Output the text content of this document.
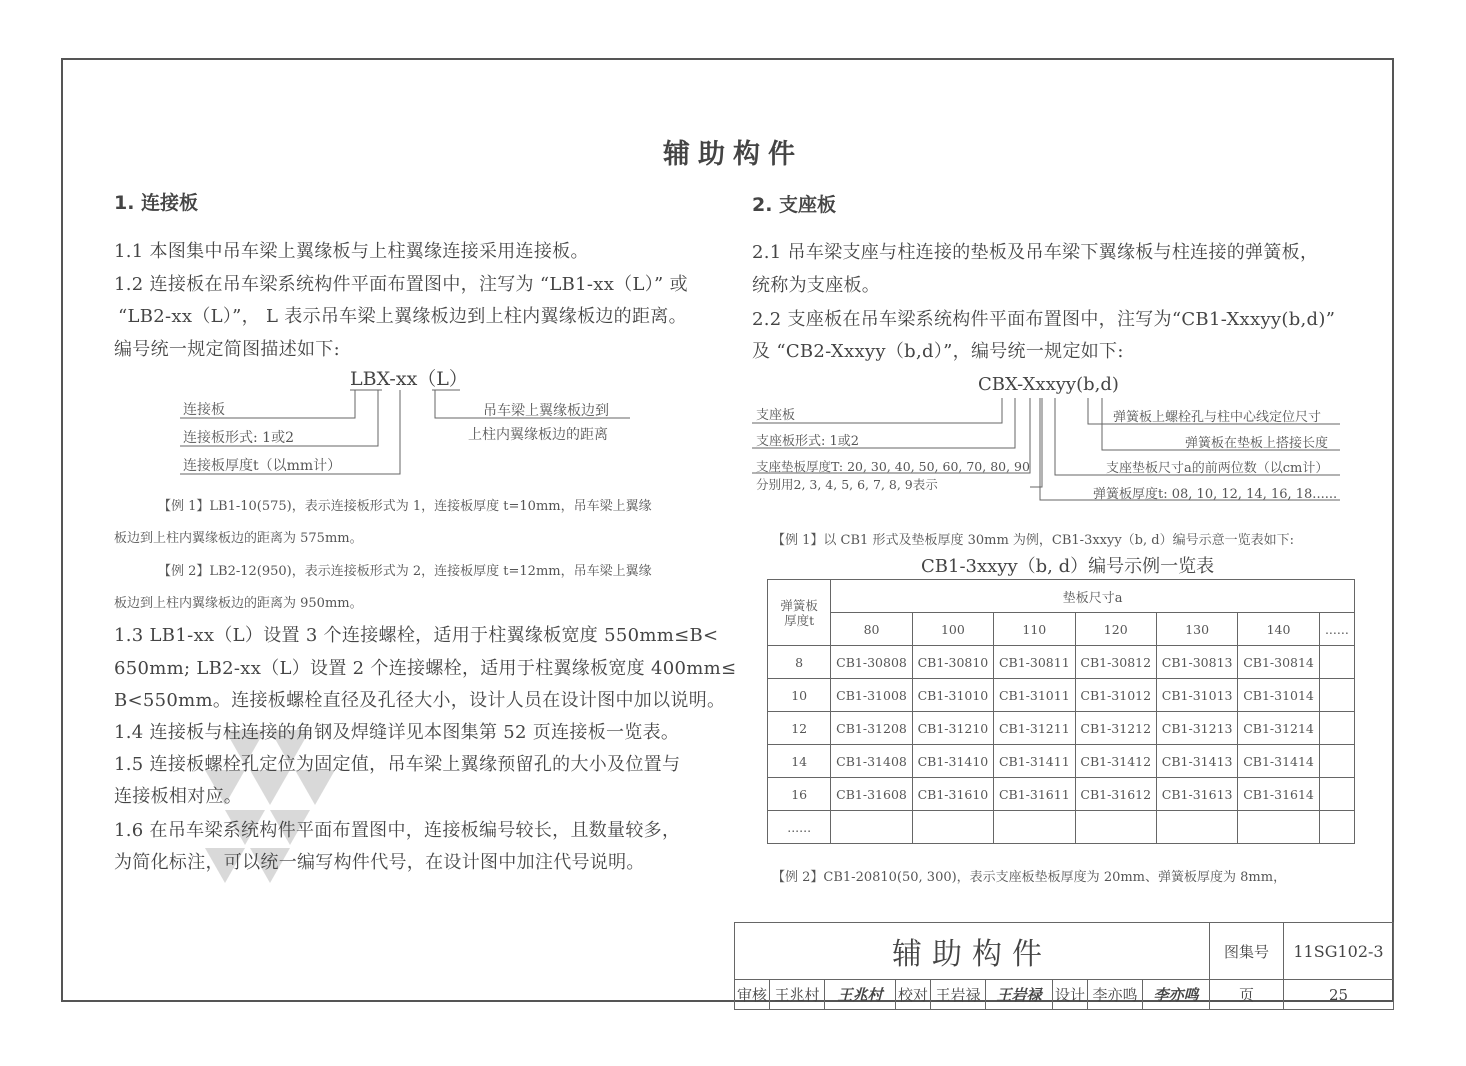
辅助构件
1. 连接板
1.1 本图集中吊车梁上翼缘板与上柱翼缘连接采用连接板。
1.2 连接板在吊车梁系统构件平面布置图中，注写为 “LB1-xx（L）” 或
“LB2-xx（L）”， L 表示吊车梁上翼缘板边到上柱内翼缘板边的距离。
编号统一规定简图描述如下:
LBX-xx（L）
连接板
连接板形式: 1或2
连接板厚度t（以mm计）
吊车梁上翼缘板边到
上柱内翼缘板边的距离
【例 1】LB1-10(575)，表示连接板形式为 1，连接板厚度 t=10mm，吊车梁上翼缘
板边到上柱内翼缘板边的距离为 575mm。
【例 2】LB2-12(950)，表示连接板形式为 2，连接板厚度 t=12mm，吊车梁上翼缘
板边到上柱内翼缘板边的距离为 950mm。
1.3 LB1-xx（L）设置 3 个连接螺栓，适用于柱翼缘板宽度 550mm≤B<
650mm; LB2-xx（L）设置 2 个连接螺栓，适用于柱翼缘板宽度 400mm≤
B<550mm。连接板螺栓直径及孔径大小，设计人员在设计图中加以说明。
1.4 连接板与柱连接的角钢及焊缝详见本图集第 52 页连接板一览表。
1.5 连接板螺栓孔定位为固定值，吊车梁上翼缘预留孔的大小及位置与
连接板相对应。
1.6 在吊车梁系统构件平面布置图中，连接板编号较长，且数量较多，
为简化标注，可以统一编写构件代号，在设计图中加注代号说明。
2. 支座板
2.1 吊车梁支座与柱连接的垫板及吊车梁下翼缘板与柱连接的弹簧板，
统称为支座板。
2.2 支座板在吊车梁系统构件平面布置图中，注写为“CB1-Xxxyy(b,d)”
及 “CB2-Xxxyy（b,d）”，编号统一规定如下:
CBX-Xxxyy(b,d)
支座板
支座板形式: 1或2
支座垫板厚度T: 20, 30, 40, 50, 60, 70, 80, 90
分别用2, 3, 4, 5, 6, 7, 8, 9表示
弹簧板上螺栓孔与柱中心线定位尺寸
弹簧板在垫板上搭接长度
支座垫板尺寸a的前两位数（以cm计）
弹簧板厚度t: 08, 10, 12, 14, 16, 18......
【例 1】以 CB1 形式及垫板厚度 30mm 为例，CB1-3xxyy（b, d）编号示意一览表如下:
CB1-3xxyy（b, d）编号示例一览表
弹簧板
厚度t	垫板尺寸a						
	80	100	110	120	130	140	......
8	CB1-30808	CB1-30810	CB1-30811	CB1-30812	CB1-30813	CB1-30814	
10	CB1-31008	CB1-31010	CB1-31011	CB1-31012	CB1-31013	CB1-31014	
12	CB1-31208	CB1-31210	CB1-31211	CB1-31212	CB1-31213	CB1-31214	
14	CB1-31408	CB1-31410	CB1-31411	CB1-31412	CB1-31413	CB1-31414	
16	CB1-31608	CB1-31610	CB1-31611	CB1-31612	CB1-31613	CB1-31614	
......							
【例 2】CB1-20810(50, 300)，表示支座板垫板厚度为 20mm、弹簧板厚度为 8mm，
辅助构件	图集号	11SG102-3
审核 王兆村	王兆村	校对 王岩禄	王岩禄 设计 李亦鸣	李亦鸣	页	25
